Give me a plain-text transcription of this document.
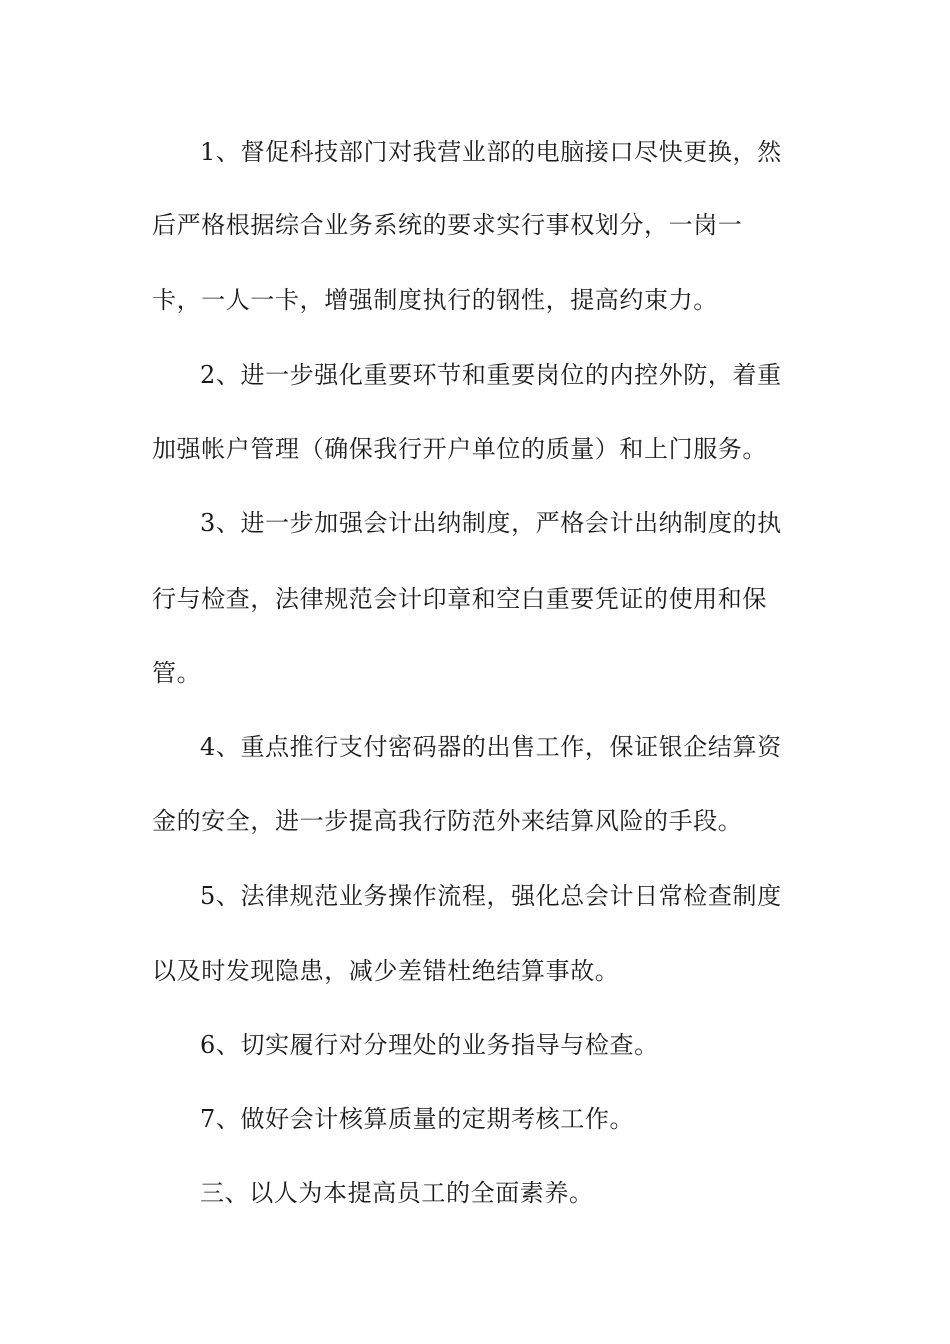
1、督促科技部门对我营业部的电脑接口尽快更换，然

后严格根据综合业务系统的要求实行事权划分，一岗一

卡，一人一卡，增强制度执行的钢性，提高约束力。

2、进一步强化重要环节和重要岗位的内控外防，着重

加强帐户管理（确保我行开户单位的质量）和上门服务。

3、进一步加强会计出纳制度，严格会计出纳制度的执

行与检查，法律规范会计印章和空白重要凭证的使用和保

管。

4、重点推行支付密码器的出售工作，保证银企结算资

金的安全，进一步提高我行防范外来结算风险的手段。

5、法律规范业务操作流程，强化总会计日常检查制度

以及时发现隐患，减少差错杜绝结算事故。

6、切实履行对分理处的业务指导与检查。

7、做好会计核算质量的定期考核工作。

三、以人为本提高员工的全面素养。
